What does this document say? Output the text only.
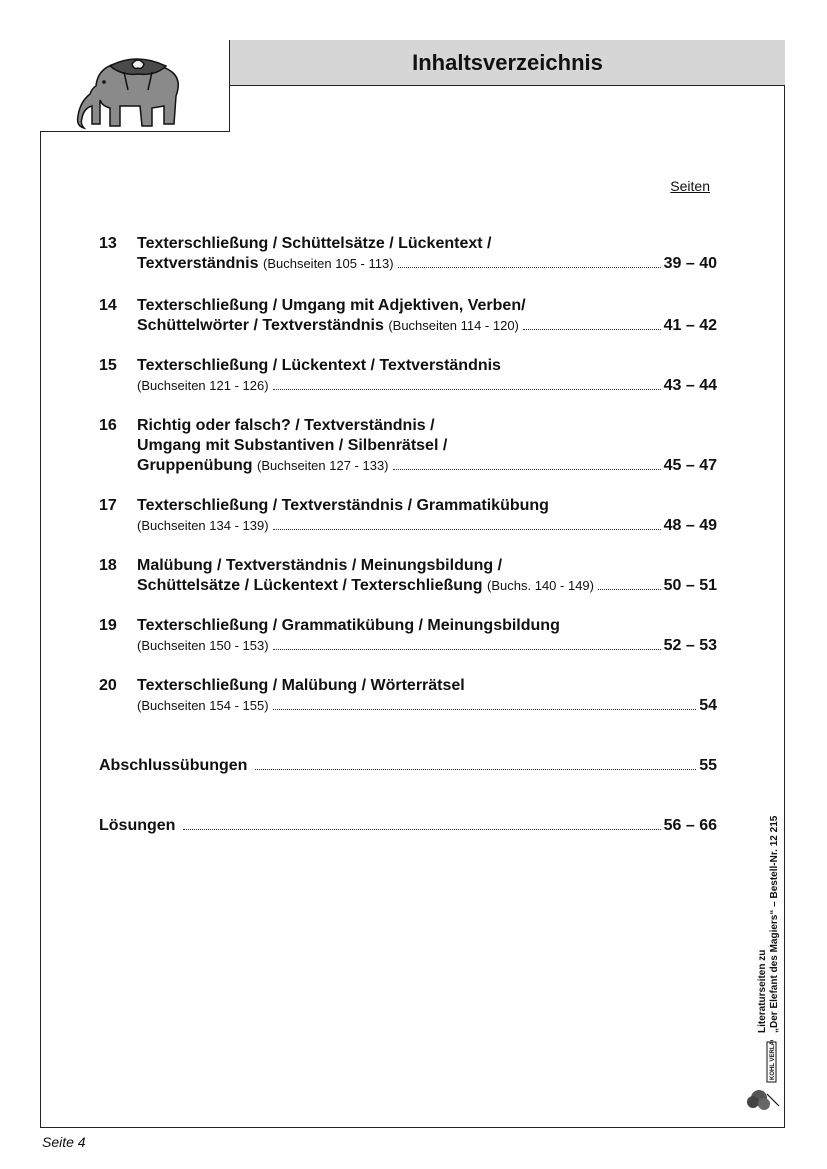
Inhaltsverzeichnis
Seiten
13 Texterschließung / Schüttelsätze / Lückentext /
Textverständnis
(Buchseiten 105 - 113)	39 – 40
14 Texterschließung / Umgang mit Adjektiven, Verben/
Schüttelwörter / Textverständnis
(Buchseiten 114 - 120)	41 – 42
15 Texterschließung / Lückentext / Textverständnis
(Buchseiten 121 - 126)	43 – 44
16 Richtig oder falsch? / Textverständnis /
Umgang mit Substantiven / Silbenrätsel /
Gruppenübung
(Buchseiten 127 - 133)	45 – 47
17 Texterschließung / Textverständnis / Grammatikübung
(Buchseiten 134 - 139)	48 – 49
18 Malübung / Textverständnis / Meinungsbildung /
Schüttelsätze / Lückentext / Texterschließung
(Buchs. 140 - 149)	50 – 51
19 Texterschließung / Grammatikübung / Meinungsbildung
(Buchseiten 150 - 153)	52 – 53
20 Texterschließung / Malübung / Wörterrätsel
(Buchseiten 154 - 155)	54
Abschlussübungen	55
Lösungen	56 – 66
Literaturseiten zu „Der Elefant des Magiers“ – Bestell-Nr. 12 215
KOHL VERLAG
Seite 4
